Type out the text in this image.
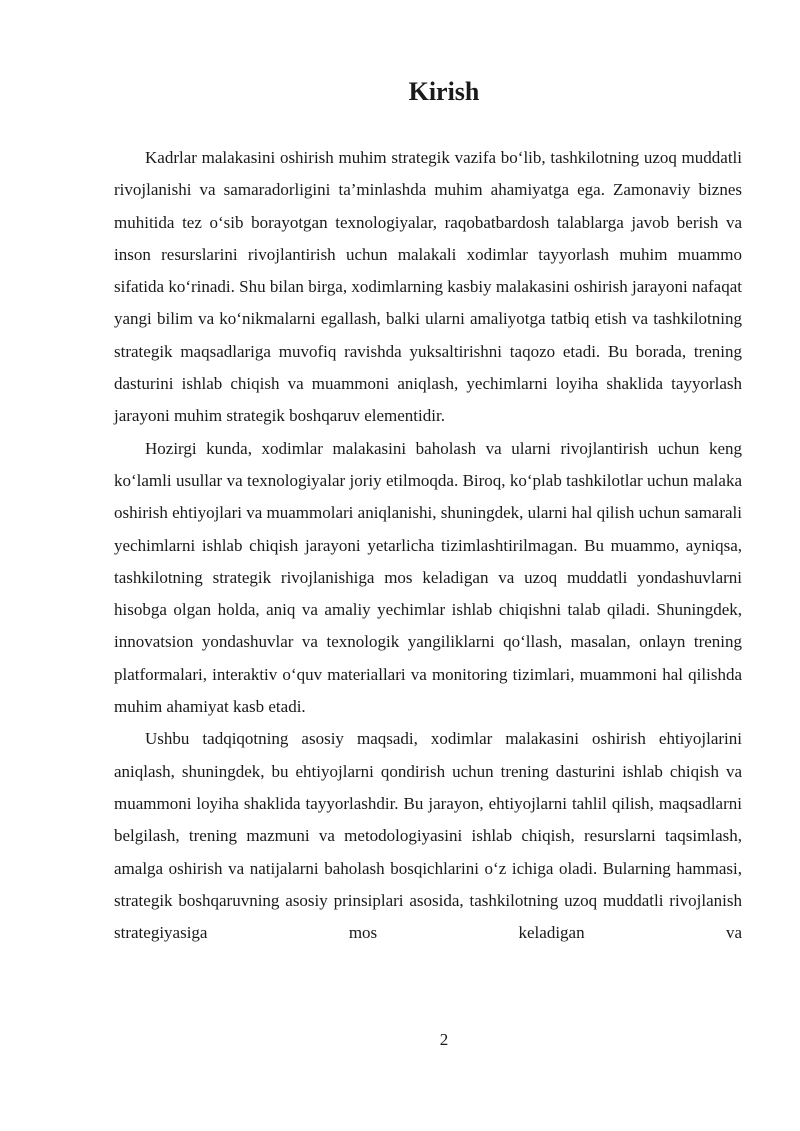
Kirish

Kadrlar malakasini oshirish muhim strategik vazifa bo‘lib, tashkilotning uzoq muddatli rivojlanishi va samaradorligini ta’minlashda muhim ahamiyatga ega. Zamonaviy biznes muhitida tez o‘sib borayotgan texnologiyalar, raqobatbardosh talablarga javob berish va inson resurslarini rivojlantirish uchun malakali xodimlar tayyorlash muhim muammo sifatida ko‘rinadi. Shu bilan birga, xodimlarning kasbiy malakasini oshirish jarayoni nafaqat yangi bilim va ko‘nikmalarni egallash, balki ularni amaliyotga tatbiq etish va tashkilotning strategik maqsadlariga muvofiq ravishda yuksaltirishni taqozo etadi. Bu borada, trening dasturini ishlab chiqish va muammoni aniqlash, yechimlarni loyiha shaklida tayyorlash jarayoni muhim strategik boshqaruv elementidir.

Hozirgi kunda, xodimlar malakasini baholash va ularni rivojlantirish uchun keng ko‘lamli usullar va texnologiyalar joriy etilmoqda. Biroq, ko‘plab tashkilotlar uchun malaka oshirish ehtiyojlari va muammolari aniqlanishi, shuningdek, ularni hal qilish uchun samarali yechimlarni ishlab chiqish jarayoni yetarlicha tizimlashtirilmagan. Bu muammo, ayniqsa, tashkilotning strategik rivojlanishiga mos keladigan va uzoq muddatli yondashuvlarni hisobga olgan holda, aniq va amaliy yechimlar ishlab chiqishni talab qiladi. Shuningdek, innovatsion yondashuvlar va texnologik yangiliklarni qo‘llash, masalan, onlayn trening platformalari, interaktiv o‘quv materiallari va monitoring tizimlari, muammoni hal qilishda muhim ahamiyat kasb etadi.

Ushbu tadqiqotning asosiy maqsadi, xodimlar malakasini oshirish ehtiyojlarini aniqlash, shuningdek, bu ehtiyojlarni qondirish uchun trening dasturini ishlab chiqish va muammoni loyiha shaklida tayyorlashdir. Bu jarayon, ehtiyojlarni tahlil qilish, maqsadlarni belgilash, trening mazmuni va metodologiyasini ishlab chiqish, resurslarni taqsimlash, amalga oshirish va natijalarni baholash bosqichlarini o‘z ichiga oladi. Bularning hammasi, strategik boshqaruvning asosiy prinsiplari asosida, tashkilotning uzoq muddatli rivojlanish strategiyasiga mos keladigan va

2
